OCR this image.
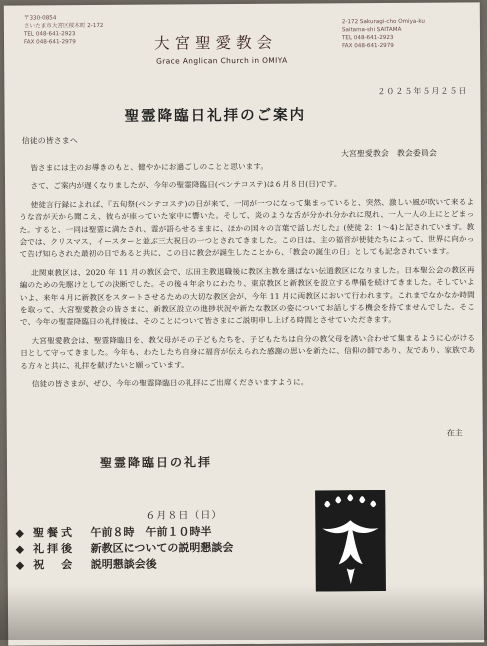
〒330-0854
さいたま市大宮区桜木町 2-172
TEL 048-641-2923
FAX 048-641-2979	大宮聖愛教会
Grace Anglican Church in OMIYA
2-172 Sakuragi-cho Omiya-ku
Saitama-shi SAITAMA
TEL 048-641-2923
FAX 048-641-2979
２０２５年５月２５日
聖霊降臨日礼拝のご案内
信徒の皆さまへ
大宮聖愛教会　教会委員会

皆さまには主のお導きのもと、健やかにお過ごしのことと思います。

さて、ご案内が遅くなりましたが、今年の聖霊降臨日(ペンテコステ)は６月８日(日)です。

使徒言行録によれば、『五旬祭(ペンテコステ)の日が来て、一同が一つになって集まっていると、突然、激しい風が吹いて来るような音が天から聞こえ、彼らが座っていた家中に響いた。そして、炎のような舌が分かれ分かれに現れ、一人一人の上にとどまった。すると、一同は聖霊に満たされ、霊が語らせるままに、ほかの国々の言葉で話しだした』(使徒 2：1～4)と記されています。教会では、クリスマス、イースターと並ぶ三大祝日の一つとされてきました。この日は、主の福音が使徒たちによって、世界に向かって告げ知らされた最初の日であると共に、この日に教会が誕生したことから、「教会の誕生の日」としても記念されています。

北関東教区は、2020 年 11 月の教区会で、広田主教退職後に教区主教を選ばない伝道教区になりました。日本聖公会の教区再編のための先駆けとしての決断でした。その後４年余りにわたり、東京教区と新教区を設立する準備を続けてきました。そしていよいよ、来年４月に新教区をスタートさせるための大切な教区会が、今年 11 月に両教区において行われます。これまでなかなか時間を取って、大宮聖愛教会の皆さまに、新教区設立の進捗状況や新たな教区の姿についてお話しする機会を持てませんでした。そこで、今年の聖霊降臨日の礼拝後は、そのことについて皆さまにご説明申し上げる時間とさせていただきます。

大宮聖愛教会は、聖霊降臨日を、教父母がその子どもたちを、子どもたちは自分の教父母を誘い合わせて集まるように心がける日として守ってきました。今年も、わたしたち自身に福音が伝えられた感謝の思いを新たに、信仰の師であり、友であり、家族である方々と共に、礼拝を献げたいと願っています。

信徒の皆さまが、ぜひ、今年の聖霊降臨日の礼拝にご出席くださいますように。

在主
聖霊降臨日の礼拝
６月８日（日）
◆ 聖餐式 午前８時　午前１０時半
◆ 礼拝後 新教区についての説明懇談会
◆ 祝　会 説明懇談会後
